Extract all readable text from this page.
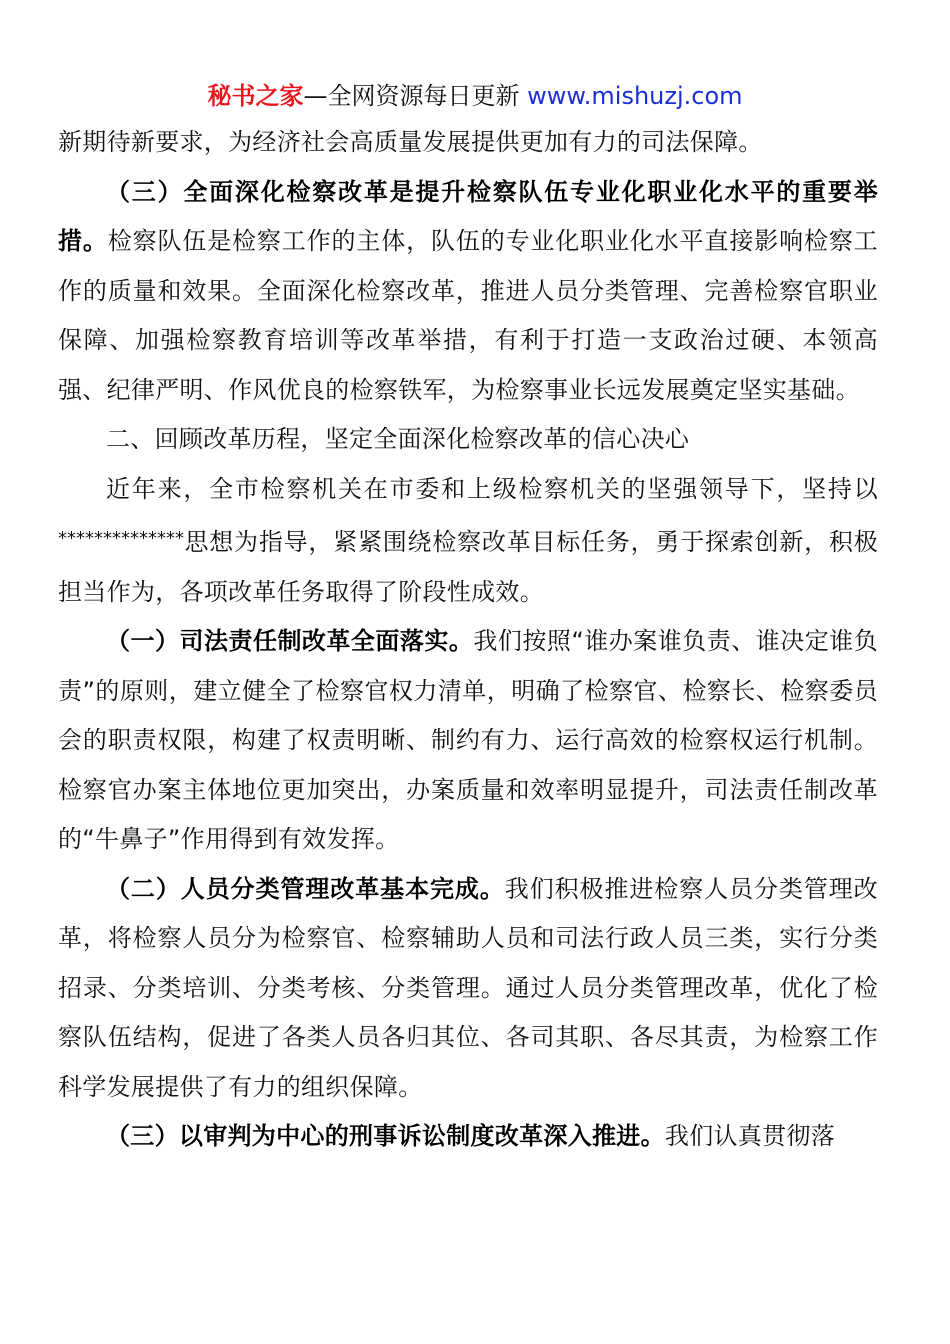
秘书之家—全网资源每日更新 www.mishuzj.com

新期待新要求，为经济社会高质量发展提供更加有力的司法保障。

（三）全面深化检察改革是提升检察队伍专业化职业化水平的重要举措。检察队伍是检察工作的主体，队伍的专业化职业化水平直接影响检察工作的质量和效果。全面深化检察改革，推进人员分类管理、完善检察官职业保障、加强检察教育培训等改革举措，有利于打造一支政治过硬、本领高强、纪律严明、作风优良的检察铁军，为检察事业长远发展奠定坚实基础。

二、回顾改革历程，坚定全面深化检察改革的信心决心

近年来，全市检察机关在市委和上级检察机关的坚强领导下，坚持以**************思想为指导，紧紧围绕检察改革目标任务，勇于探索创新，积极担当作为，各项改革任务取得了阶段性成效。

（一）司法责任制改革全面落实。我们按照“谁办案谁负责、谁决定谁负责”的原则，建立健全了检察官权力清单，明确了检察官、检察长、检察委员会的职责权限，构建了权责明晰、制约有力、运行高效的检察权运行机制。检察官办案主体地位更加突出，办案质量和效率明显提升，司法责任制改革的“牛鼻子”作用得到有效发挥。

（二）人员分类管理改革基本完成。我们积极推进检察人员分类管理改革，将检察人员分为检察官、检察辅助人员和司法行政人员三类，实行分类招录、分类培训、分类考核、分类管理。通过人员分类管理改革，优化了检察队伍结构，促进了各类人员各归其位、各司其职、各尽其责，为检察工作科学发展提供了有力的组织保障。

（三）以审判为中心的刑事诉讼制度改革深入推进。我们认真贯彻落
